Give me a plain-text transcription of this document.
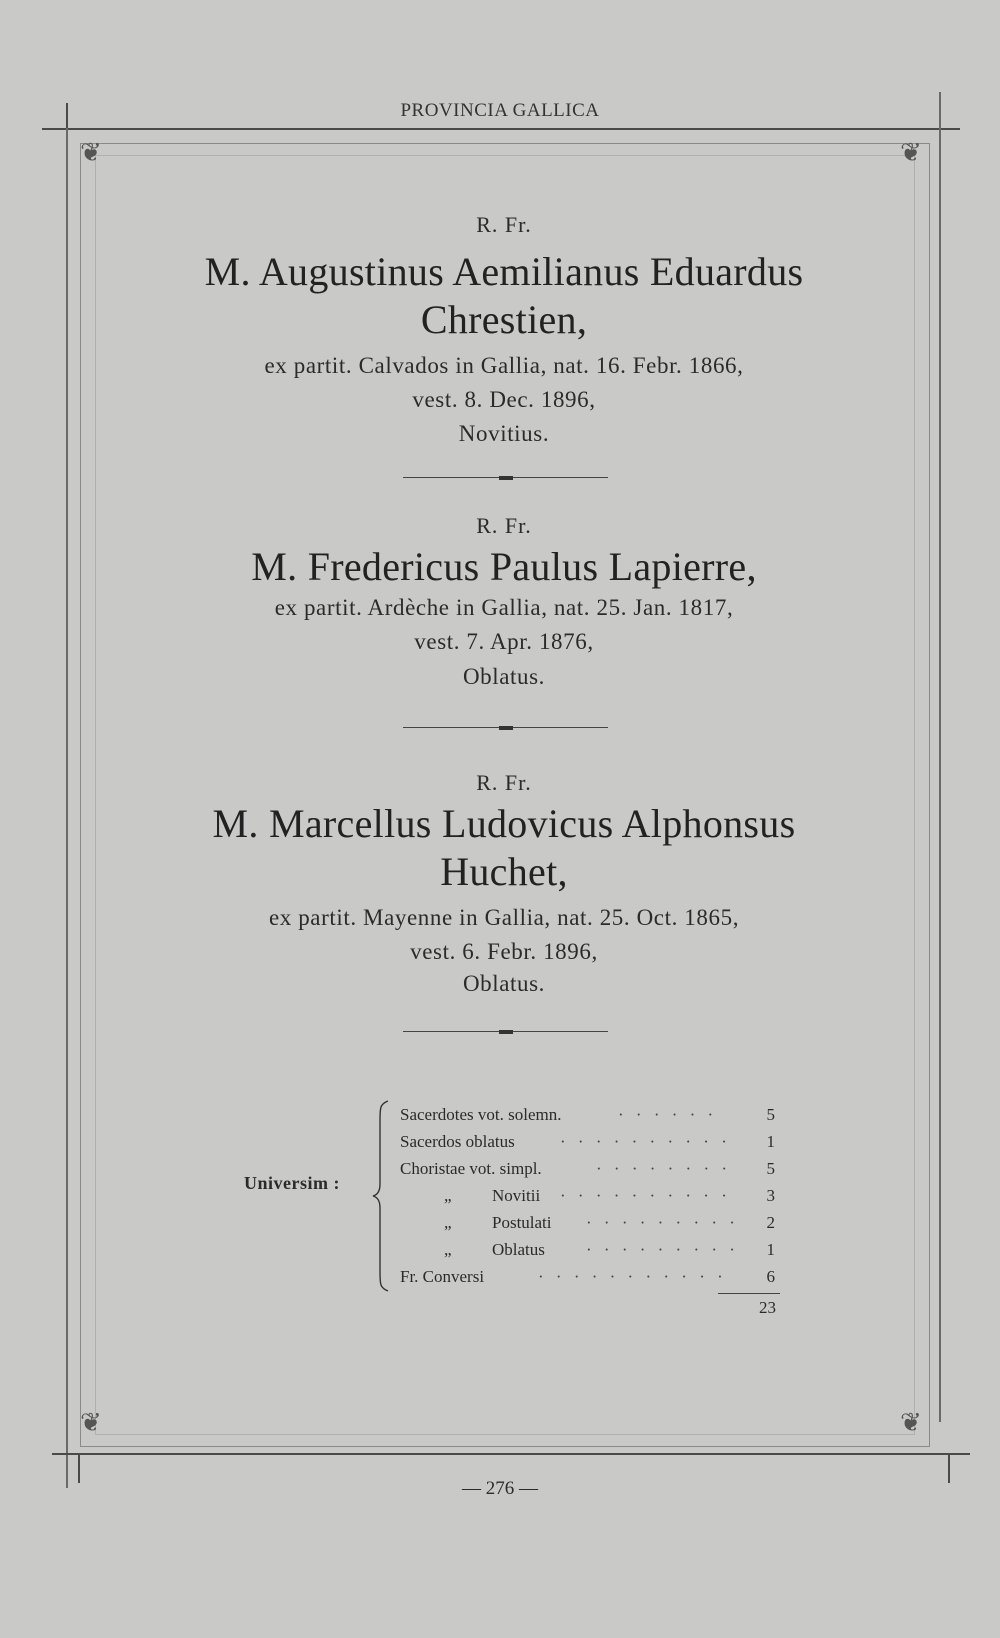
PROVINCIA GALLICA
❦	❦
❦	❦
R. Fr.
M. Augustinus Aemilianus Eduardus
Chrestien,
ex partit. Calvados in Gallia, nat. 16. Febr. 1866,
vest. 8. Dec. 1896,
Novitius.
R. Fr.
M. Fredericus Paulus Lapierre,
ex partit. Ardèche in Gallia, nat. 25. Jan. 1817,
vest. 7. Apr. 1876,
Oblatus.
R. Fr.
M. Marcellus Ludovicus Alphonsus
Huchet,
ex partit. Mayenne in Gallia, nat. 25. Oct. 1865,
vest. 6. Febr. 1896,
Oblatus.
Universim :
Sacerdotes vot. solemn.	· · · · · ·	5
Sacerdos oblatus	· · · · · · · · · ·	1
Choristae vot. simpl.	· · · · · · · ·	5
„ Novitii · · · · · · · · · ·	3
„ Postulati · · · · · · · · ·	2
„ Oblatus · · · · · · · · ·	1
Fr. Conversi	· · · · · · · · · · ·	6
23
— 276 —
